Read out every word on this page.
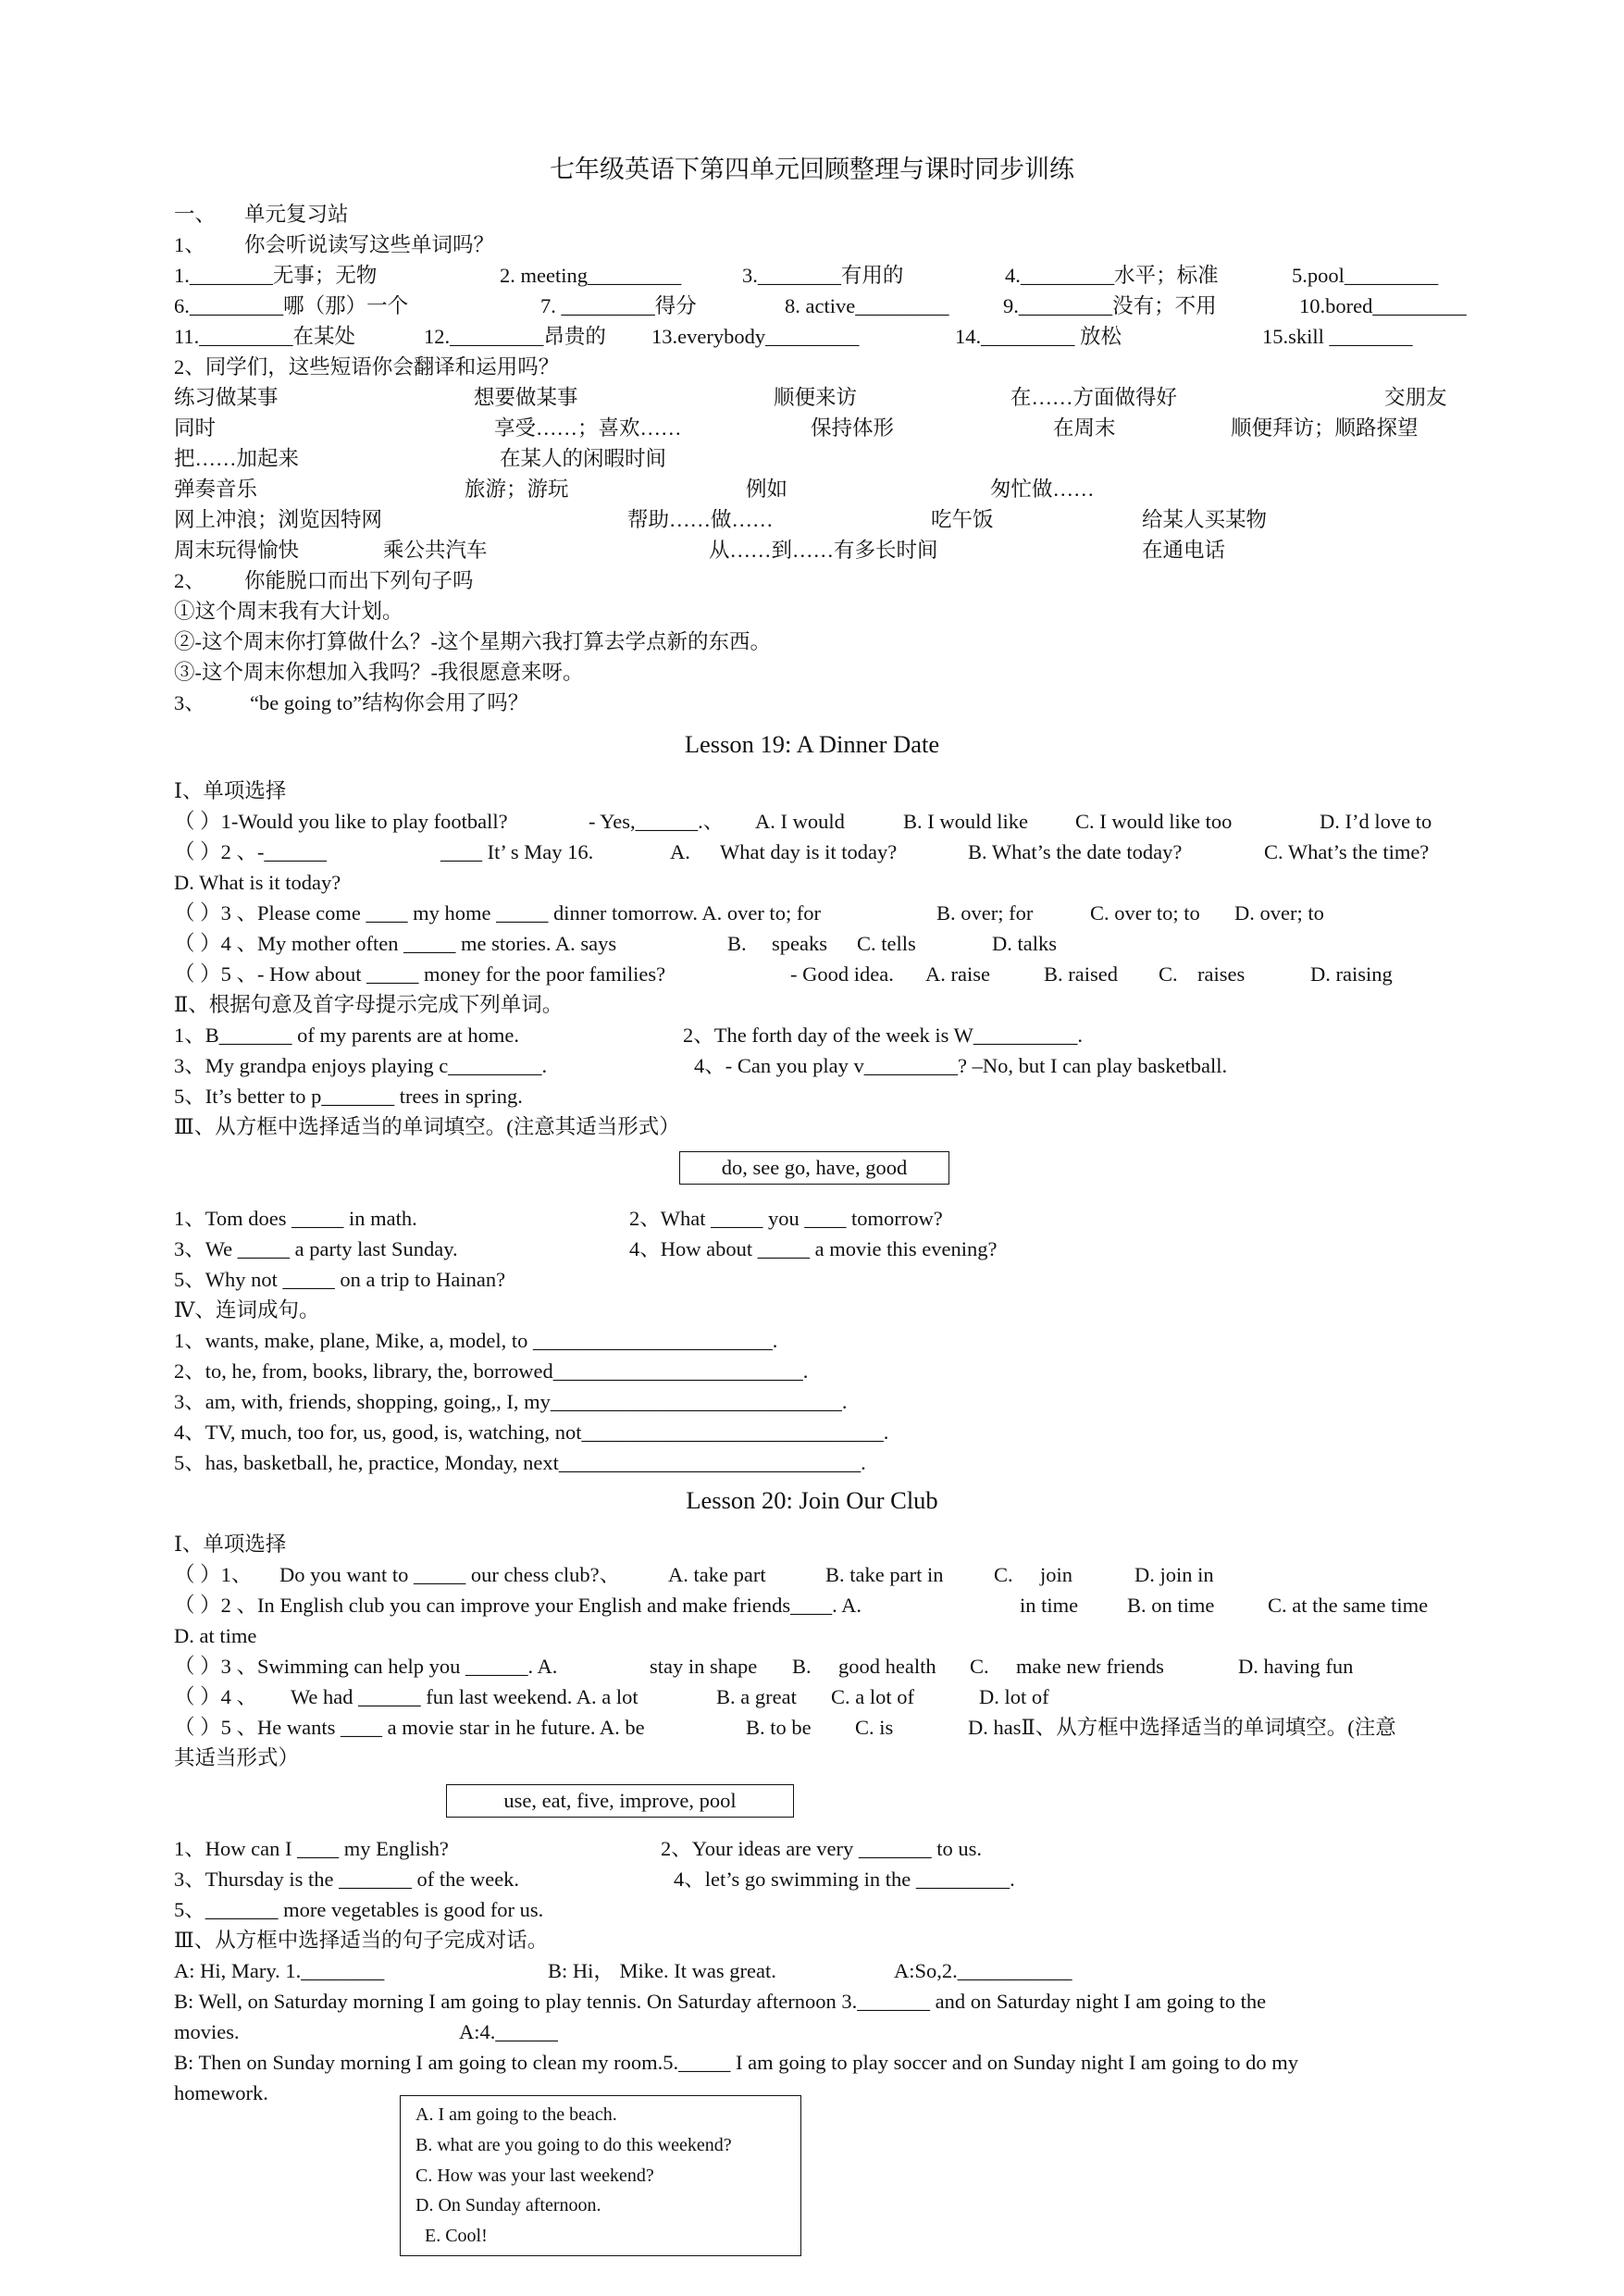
七年级英语下第四单元回顾整理与课时同步训练
一、 单元复习站
1、 你会听说读写这些单词吗？
1.________无事；无物	2. meeting_________	3.________有用的	4._________水平；标准	5.pool_________
6._________哪（那）一个	7. _________得分	8. active_________	9._________没有；不用	10.bored_________
11._________在某处	12._________昂贵的 13.everybody_________	14._________ 放松	15.skill ________
2、同学们，这些短语你会翻译和运用吗？
练习做某事	想要做某事	顺便来访	在……方面做得好	交朋友
同时	享受……；喜欢……	保持体形	在周末	顺便拜访；顺路探望
把……加起来	在某人的闲暇时间
弹奏音乐	旅游；游玩	例如	匆忙做……
网上冲浪；浏览因特网	帮助……做……	吃午饭	给某人买某物
周末玩得愉快	乘公共汽车	从……到……有多长时间	在通电话
2、 你能脱口而出下列句子吗
①这个周末我有大计划。
②-这个周末你打算做什么？-这个星期六我打算去学点新的东西。
③-这个周末你想加入我吗？-我很愿意来呀。
3、 “be going to”结构你会用了吗？
Lesson 19: A Dinner Date
Ⅰ、单项选择
（ ）1-Would you like to play football?	- Yes,______.、 A. I would	B. I would like C. I would like too	D. I’d love to
（ ）2 、-______	____ It’ s May 16.	A. What day is it today?	B. What’s the date today?	C. What’s the time?
D. What is it today?
（ ）3 、Please come ____ my home _____ dinner tomorrow. A. over to; for	B. over; for	C. over to; to D. over; to
（ ）4 、My mother often _____ me stories. A. says	B. speaks C. tells	D. talks
（ ）5 、- How about _____ money for the poor families?	- Good idea. A. raise	B. raised C. raises	D. raising
Ⅱ、根据句意及首字母提示完成下列单词。
1、B_______ of my parents are at home.	2、The forth day of the week is W__________.
3、My grandpa enjoys playing c_________.	4、- Can you play v_________? –No, but I can play basketball.
5、It’s better to p_______ trees in spring.
Ⅲ、从方框中选择适当的单词填空。(注意其适当形式）
do, see go, have, good
1、Tom does _____ in math.	2、What _____ you ____ tomorrow?
3、We _____ a party last Sunday.	4、How about _____ a movie this evening?
5、Why not _____ on a trip to Hainan?
Ⅳ、连词成句。
1、wants, make, plane, Mike, a, model, to _______________________.
2、to, he, from, books, library, the, borrowed________________________.
3、am, with, friends, shopping, going,, I, my____________________________.
4、TV, much, too for, us, good, is, watching, not_____________________________.
5、has, basketball, he, practice, Monday, next_____________________________.
Lesson 20: Join Our Club
Ⅰ、单项选择
（ ）1、 Do you want to _____ our chess club?、 A. take part	B. take part in C. join	D. join in
（ ）2 、In English club you can improve your English and make friends____. A.	in time B. on time	C. at the same time
D. at time
（ ）3 、Swimming can help you ______. A.	stay in shape B. good health C. make new friends	D. having fun
（ ）4 、 We had ______ fun last weekend. A. a lot	B. a great C. a lot of	D. lot of
（ ）5 、He wants ____ a movie star in he future. A. be	B. to be C. is	D. hasⅡ、从方框中选择适当的单词填空。(注意
其适当形式）
use, eat, five, improve, pool
1、How can I ____ my English?	2、Your ideas are very _______ to us.
3、Thursday is the _______ of the week.	4、let’s go swimming in the _________.
5、_______ more vegetables is good for us.
Ⅲ、从方框中选择适当的句子完成对话。
A: Hi, Mary. 1.________	B: Hi， Mike. It was great.	A:So,2.___________
B: Well, on Saturday morning I am going to play tennis. On Saturday afternoon 3._______ and on Saturday night I am going to the
movies.	A:4.______
B: Then on Sunday morning I am going to clean my room.5._____ I am going to play soccer and on Sunday night I am going to do my
homework.
A. I am going to the beach.
B. what are you going to do this weekend?
C. How was your last weekend?
D. On Sunday afternoon.
E. Cool!
